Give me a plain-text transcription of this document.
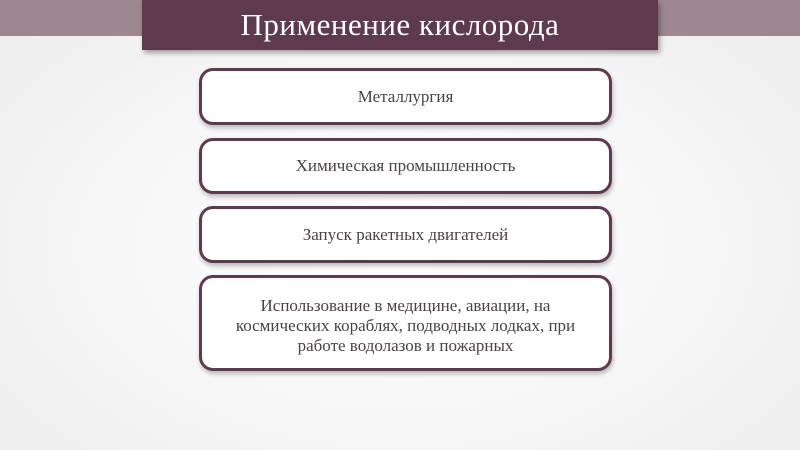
Применение кислорода
Металлургия
Химическая промышленность
Запуск ракетных двигателей
Использование в медицине, авиации, на космических кораблях, подводных лодках, при работе водолазов и пожарных
